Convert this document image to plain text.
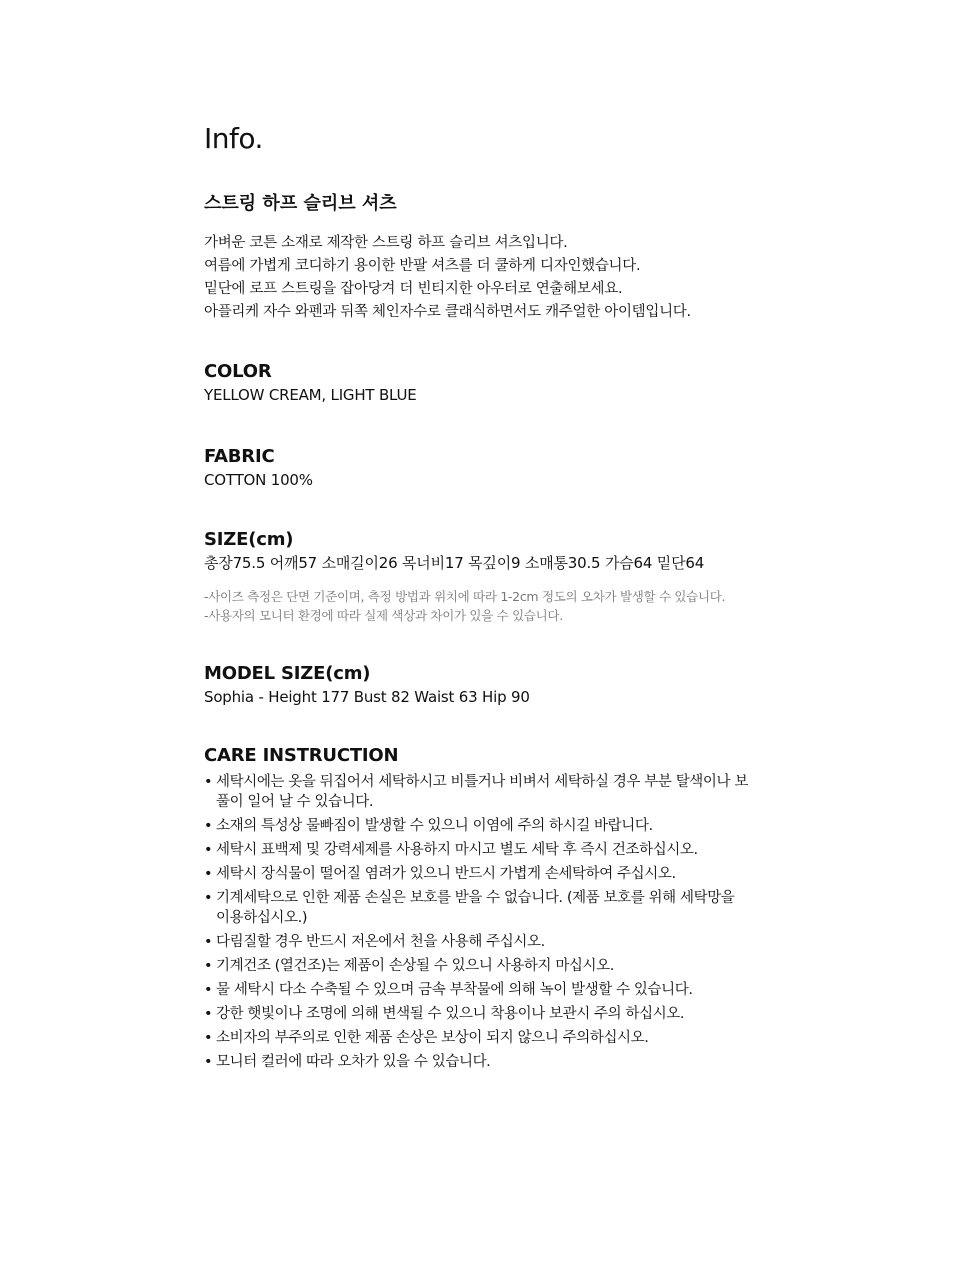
Info.
스트링 하프 슬리브 셔츠

가벼운 코튼 소재로 제작한 스트링 하프 슬리브 셔츠입니다.

여름에 가볍게 코디하기 용이한 반팔 셔츠를 더 쿨하게 디자인했습니다.

밑단에 로프 스트링을 잡아당겨 더 빈티지한 아우터로 연출해보세요.

아플리케 자수 와펜과 뒤쪽 체인자수로 클래식하면서도 캐주얼한 아이템입니다.

COLOR

YELLOW CREAM, LIGHT BLUE

FABRIC

COTTON 100%

SIZE(cm)

총장75.5 어깨57 소매길이26 목너비17 목깊이9 소매통30.5 가슴64 밑단64

-사이즈 측정은 단면 기준이며, 측정 방법과 위치에 따라 1-2cm 정도의 오차가 발생할 수 있습니다.

-사용자의 모니터 환경에 따라 실제 색상과 차이가 있을 수 있습니다.

MODEL SIZE(cm)

Sophia - Height 177 Bust 82 Waist 63 Hip 90

CARE INSTRUCTION
• 세탁시에는 옷을 뒤집어서 세탁하시고 비틀거나 비벼서 세탁하실 경우 부분 탈색이나 보풀이 일어 날 수 있습니다.
• 소재의 특성상 물빠짐이 발생할 수 있으니 이염에 주의 하시길 바랍니다.
• 세탁시 표백제 및 강력세제를 사용하지 마시고 별도 세탁 후 즉시 건조하십시오.
• 세탁시 장식물이 떨어질 염려가 있으니 반드시 가볍게 손세탁하여 주십시오.
• 기계세탁으로 인한 제품 손실은 보호를 받을 수 없습니다. (제품 보호를 위해 세탁망을 이용하십시오.)
• 다림질할 경우 반드시 저온에서 천을 사용해 주십시오.
• 기계건조 (열건조)는 제품이 손상될 수 있으니 사용하지 마십시오.
• 물 세탁시 다소 수축될 수 있으며 금속 부착물에 의해 녹이 발생할 수 있습니다.
• 강한 햇빛이나 조명에 의해 변색될 수 있으니 착용이나 보관시 주의 하십시오.
• 소비자의 부주의로 인한 제품 손상은 보상이 되지 않으니 주의하십시오.
• 모니터 컬러에 따라 오차가 있을 수 있습니다.
